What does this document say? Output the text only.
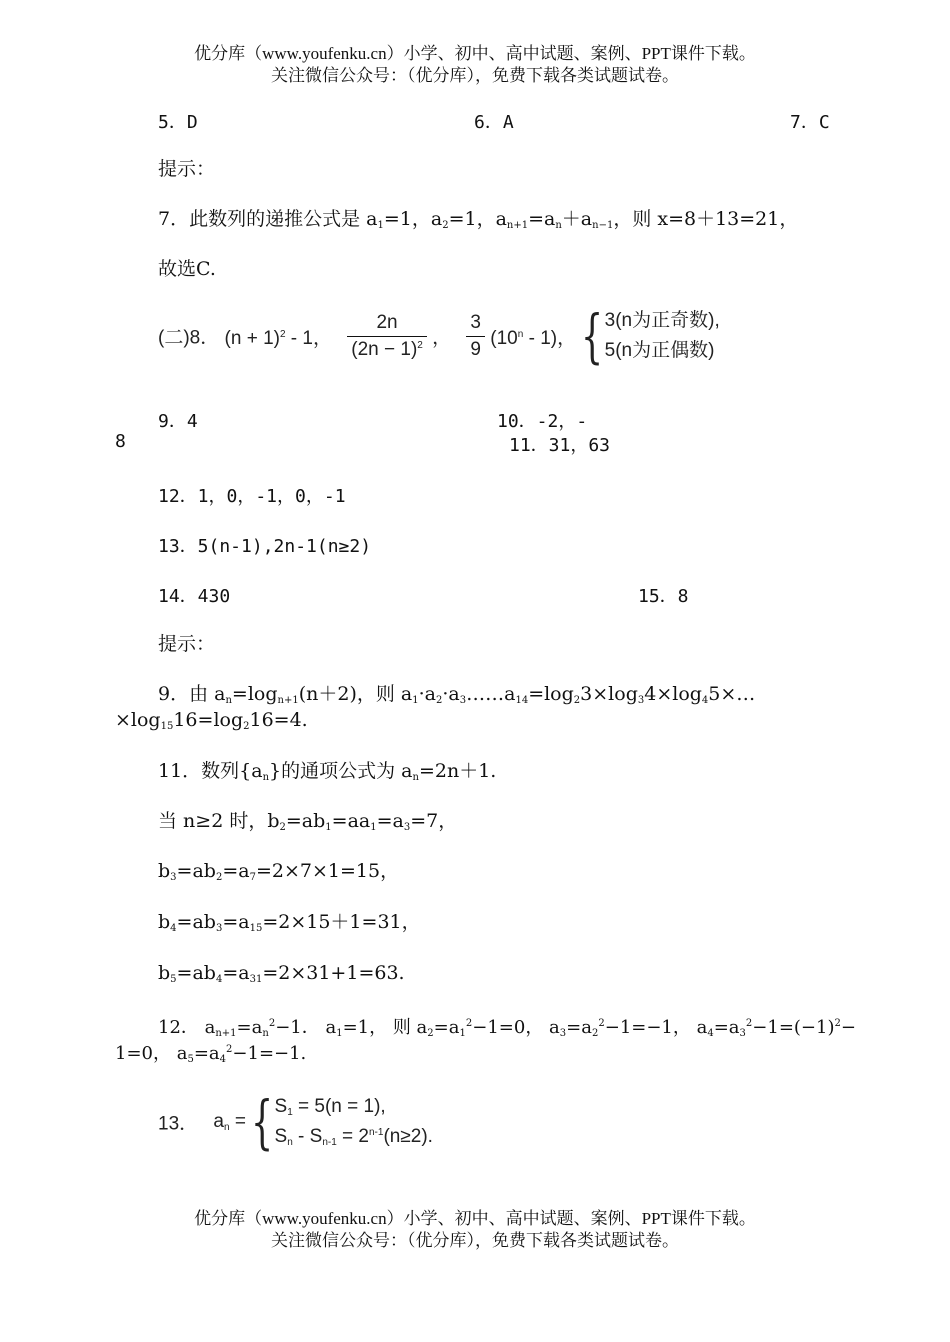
优分库（www.youfenku.cn）小学、初中、高中试题、案例、PPT课件下载。
关注微信公众号：（优分库），免费下载各类试题试卷。
5．D	6．A	7．C
提示：
7．此数列的递推公式是 $a_1=1$，$a_2=1$，$a_{n+1}=a_n+a_{n-1}$，则 x=8＋13=21，
故选C.
(二)8． $(n + 1)^2 - 1$， $\frac{2n}{(2n - 1)^2}$ ， $\frac{3}{9} (10^n - 1)$， { 3(n为正奇数),
5(n为正偶数)
9．4	10．-2，-
8	11．31，63
12．1，0，-1，0，-1
13．5(n-1),2n-1(n≥2)
14．430	15．8
提示：
9．由 $a_n=\log_{n+1}(n+2)$，则 $a_1\cdot a_2\cdot a_3\dots\dots a_{14}=\log_23\times\log_34\times\log_45\times\dots$
$\times\log_{15}16=\log_216=4$.
11．数列$\{a_n\}$的通项公式为 $a_n=2n+1$.
当 n≥2 时，$b_2=ab_1=aa_1=a_3=7$，
$b_3=ab_2=a_7=2\times 7\times 1=15$，
$b_4=ab_3=a_{15}=2\times 15+1=31$，
$b_5=ab_4=a_{31}=2\times 31+1=63$.
12． $a_{n+1}=a_n^2-1$． $a_1=1$， 则 $a_2=a_1^2-1=0$， $a_3=a_2^2-1=-1$， $a_4=a_3^2-1=(-1)^2-$
1=0， $a_5=a_4^2-1=-1$.
13． $a_n$ = { $S_1 = 5(n = 1)$,
$S_n - S_{n-1} = 2^{n-1}(n\ge 2)$.
优分库（www.youfenku.cn）小学、初中、高中试题、案例、PPT课件下载。
关注微信公众号：（优分库），免费下载各类试题试卷。
